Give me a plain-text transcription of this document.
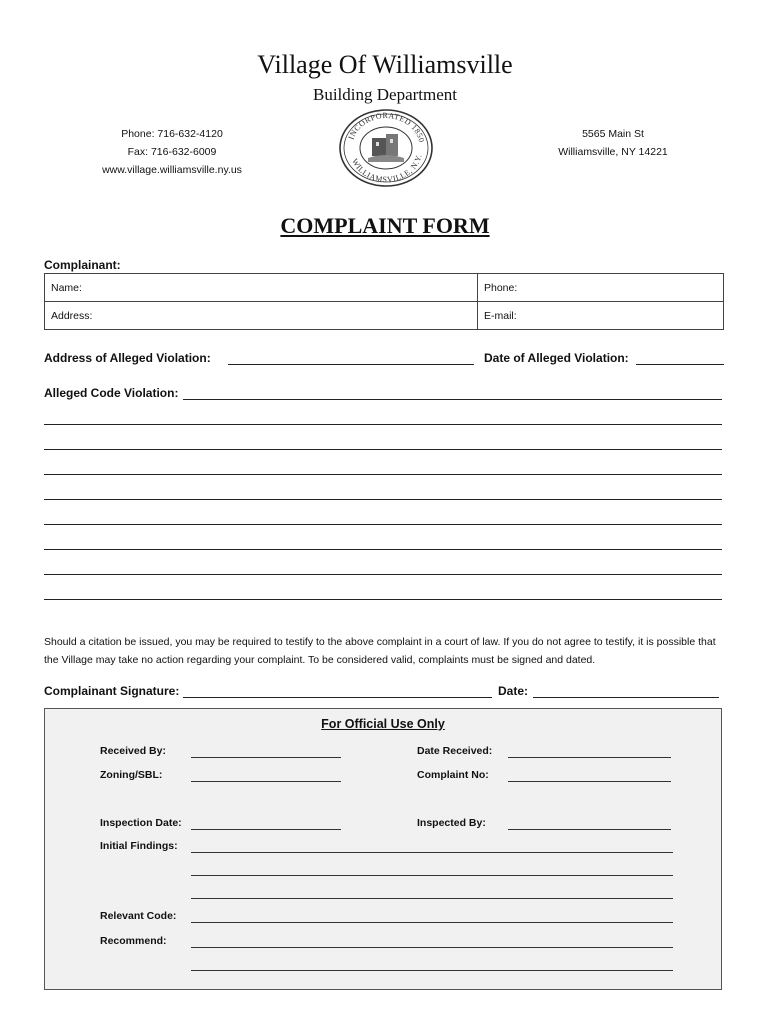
Village Of Williamsville
Building Department
Phone: 716-632-4120
Fax: 716-632-6009
www.village.williamsville.ny.us
5565 Main St
Williamsville, NY 14221
INCORPORATED 1850
WILLIAMSVILLE, N.Y.
COMPLAINT FORM
Complainant:
Name:	Phone:
Address:	E-mail:
Address of Alleged Violation:	Date of Alleged Violation:
Alleged Code Violation:
Should a citation be issued, you may be required to testify to the above complaint in a court of law. If you do not agree to testify, it is possible that the Village may take no action regarding your complaint. To be considered valid, complaints must be signed and dated.
Complainant Signature:	Date:
For Official Use Only
Received By:	Date Received:
Zoning/SBL:	Complaint No:
Inspection Date:	Inspected By:
Initial Findings:
Relevant Code:
Recommend:
